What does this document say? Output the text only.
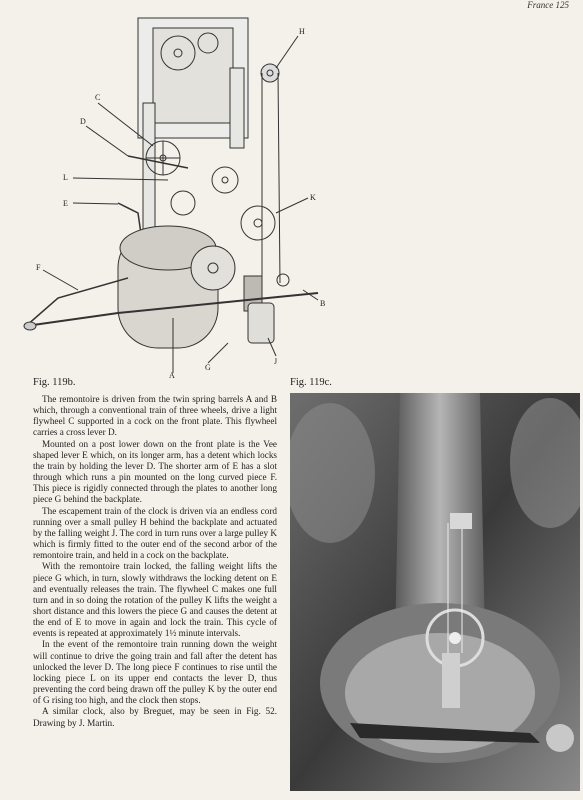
France 125
C
D
L
E
F
A
G
H
K
B
J
Fig. 119b.	Fig. 119c.

The remontoire is driven from the twin spring barrels A and B which, through a conventional train of three wheels, drive a light flywheel C supported in a cock on the front plate. This flywheel carries a cross lever D.

Mounted on a post lower down on the front plate is the Vee shaped lever E which, on its longer arm, has a detent which locks the train by holding the lever D. The shorter arm of E has a slot through which runs a pin mounted on the long curved piece F. This piece is rigidly connected through the plates to another long piece G behind the backplate.

The escapement train of the clock is driven via an endless cord running over a small pulley H behind the backplate and actuated by the falling weight J. The cord in turn runs over a large pulley K which is firmly fitted to the outer end of the second arbor of the remontoire train, and held in a cock on the backplate.

With the remontoire train locked, the falling weight lifts the piece G which, in turn, slowly withdraws the locking detent on E and eventually releases the train. The flywheel C makes one full turn and in so doing the rotation of the pulley K lifts the weight a short distance and this lowers the piece G and causes the detent at the end of E to move in again and lock the train. This cycle of events is repeated at approximately 1½ minute intervals.

In the event of the remontoire train running down the weight will continue to drive the going train and fall after the detent has unlocked the lever D. The long piece F continues to rise until the locking piece L on its upper end contacts the lever D, thus preventing the cord being drawn off the pulley K by the outer end of G rising too high, and the clock then stops.

A similar clock, also by Breguet, may be seen in Fig. 52. Drawing by J. Martin.
